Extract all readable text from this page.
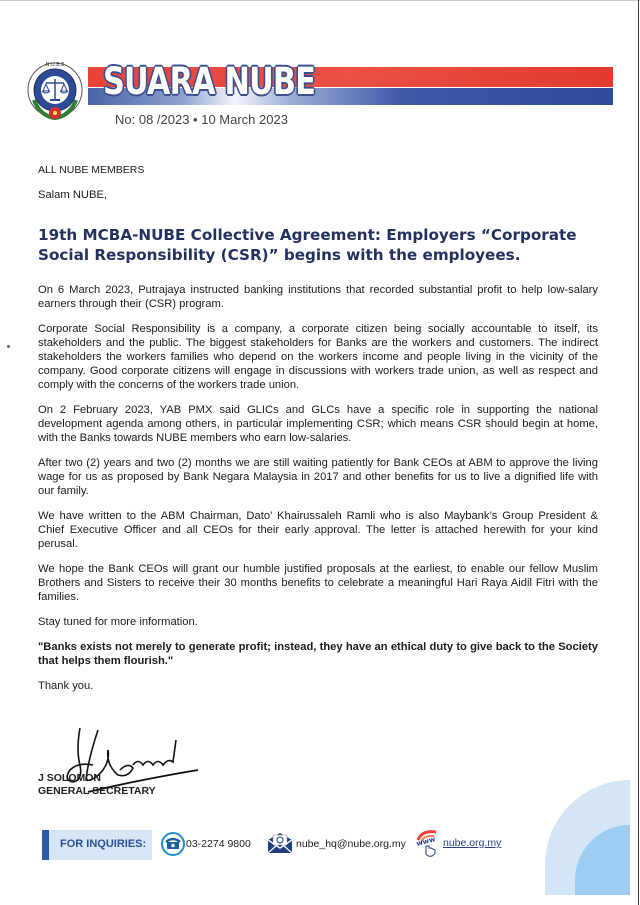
N.U.B.E SUARA NUBE
No: 08 /2023 • 10 March 2023

ALL NUBE MEMBERS

Salam NUBE,

19th MCBA-NUBE Collective Agreement: Employers “Corporate Social Responsibility (CSR)” begins with the employees.

On 6 March 2023, Putrajaya instructed banking institutions that recorded substantial profit to help low-salary earners through their (CSR) program.

Corporate Social Responsibility is a company, a corporate citizen being socially accountable to itself, its stakeholders and the public. The biggest stakeholders for Banks are the workers and customers. The indirect stakeholders the workers families who depend on the workers income and people living in the vicinity of the company. Good corporate citizens will engage in discussions with workers trade union, as well as respect and comply with the concerns of the workers trade union.

On 2 February 2023, YAB PMX said GLICs and GLCs have a specific role in supporting the national development agenda among others, in particular implementing CSR; which means CSR should begin at home, with the Banks towards NUBE members who earn low-salaries.

After two (2) years and two (2) months we are still waiting patiently for Bank CEOs at ABM to approve the living wage for us as proposed by Bank Negara Malaysia in 2017 and other benefits for us to live a dignified life with our family.

We have written to the ABM Chairman, Dato’ Khairussaleh Ramli who is also Maybank’s Group President & Chief Executive Officer and all CEOs for their early approval. The letter is attached herewith for your kind perusal.

We hope the Bank CEOs will grant our humble justified proposals at the earliest, to enable our fellow Muslim Brothers and Sisters to receive their 30 months benefits to celebrate a meaningful Hari Raya Aidil Fitri with the families.

Stay tuned for more information.

"Banks exists not merely to generate profit; instead, they have an ethical duty to give back to the Society that helps them flourish."

Thank you.

J SOLOMON
GENERAL SECRETARY
FOR INQUIRIES:	03-2274 9800	nube_hq@nube.org.my www nube.org.my
